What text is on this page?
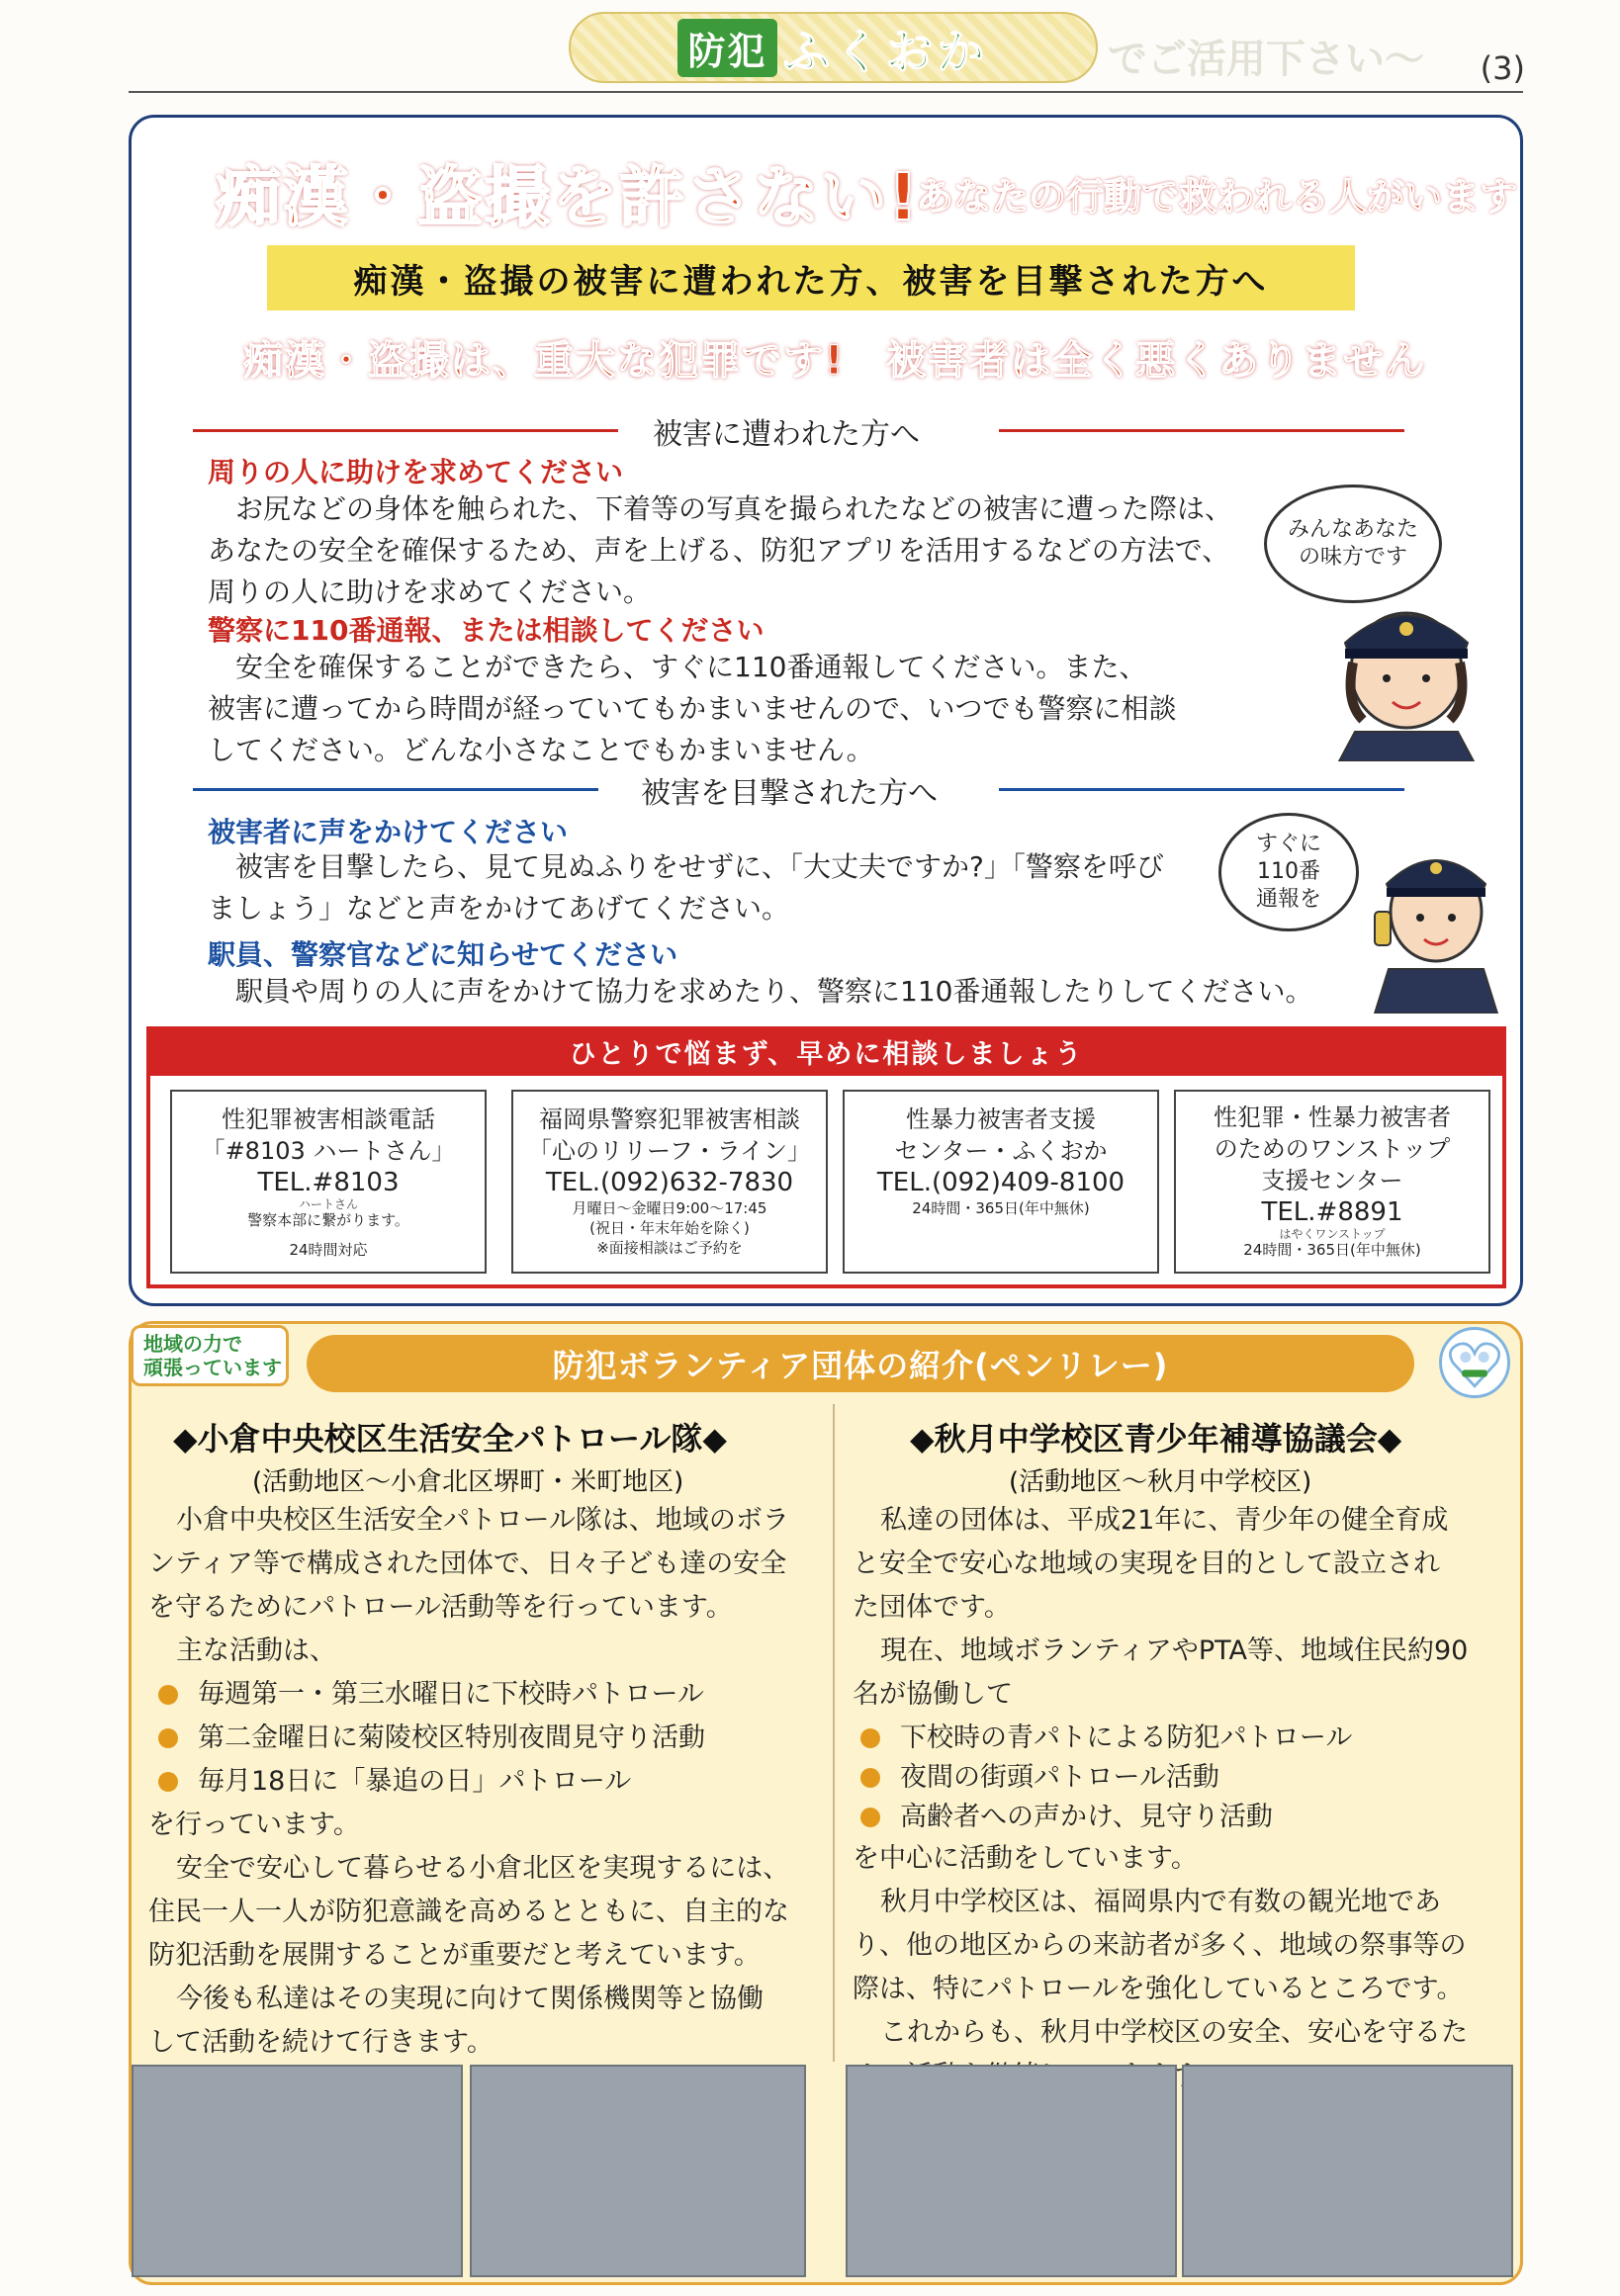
防犯 ふくおか	でご活用下さい〜 (3)
痴漢・盗撮を許さない!
あなたの行動で救われる人がいます
痴漢・盗撮の被害に遭われた方、被害を目撃された方へ
痴漢・盗撮は、重大な犯罪です!　被害者は全く悪くありません
被害に遭われた方へ
周りの人に助けを求めてください
お尻などの身体を触られた、下着等の写真を撮られたなどの被害に遭った際は、
あなたの安全を確保するため、声を上げる、防犯アプリを活用するなどの方法で、
周りの人に助けを求めてください。
警察に110番通報、または相談してください
安全を確保することができたら、すぐに110番通報してください。また、
被害に遭ってから時間が経っていてもかまいませんので、いつでも警察に相談
してください。どんな小さなことでもかまいません。
みんなあなた
の味方です
被害を目撃された方へ
被害者に声をかけてください
被害を目撃したら、見て見ぬふりをせずに、「大丈夫ですか?」「警察を呼び
ましょう」などと声をかけてあげてください。
駅員、警察官などに知らせてください
駅員や周りの人に声をかけて協力を求めたり、警察に110番通報したりしてください。
すぐに
110番
通報を
ひとりで悩まず、早めに相談しましょう
性犯罪被害相談電話
「#8103 ハートさん」
TEL.#8103
ハートさん
警察本部に繋がります。
24時間対応
福岡県警察犯罪被害相談
「心のリリーフ・ライン」
TEL.(092)632-7830
月曜日〜金曜日9:00〜17:45
(祝日・年末年始を除く)
※面接相談はご予約を
性暴力被害者支援
センター・ふくおか
TEL.(092)409-8100
24時間・365日(年中無休)
性犯罪・性暴力被害者
のためのワンストップ
支援センター
TEL.#8891
はやくワンストップ
24時間・365日(年中無休)
地域の力で
頑張っています	防犯ボランティア団体の紹介(ペンリレー)
◆小倉中央校区生活安全パトロール隊◆
(活動地区〜小倉北区堺町・米町地区)
小倉中央校区生活安全パトロール隊は、地域のボラ
ンティア等で構成された団体で、日々子ども達の安全
を守るためにパトロール活動等を行っています。
主な活動は、
毎週第一・第三水曜日に下校時パトロール
第二金曜日に菊陵校区特別夜間見守り活動
毎月18日に「暴追の日」パトロール
を行っています。
安全で安心して暮らせる小倉北区を実現するには、
住民一人一人が防犯意識を高めるとともに、自主的な
防犯活動を展開することが重要だと考えています。
今後も私達はその実現に向けて関係機関等と協働
して活動を続けて行きます。
◆秋月中学校区青少年補導協議会◆
(活動地区〜秋月中学校区)
私達の団体は、平成21年に、青少年の健全育成
と安全で安心な地域の実現を目的として設立され
た団体です。
現在、地域ボランティアやPTA等、地域住民約90
名が協働して
下校時の青パトによる防犯パトロール
夜間の街頭パトロール活動
高齢者への声かけ、見守り活動
を中心に活動をしています。
秋月中学校区は、福岡県内で有数の観光地であ
り、他の地区からの来訪者が多く、地域の祭事等の
際は、特にパトロールを強化しているところです。
これからも、秋月中学校区の安全、安心を守るた
